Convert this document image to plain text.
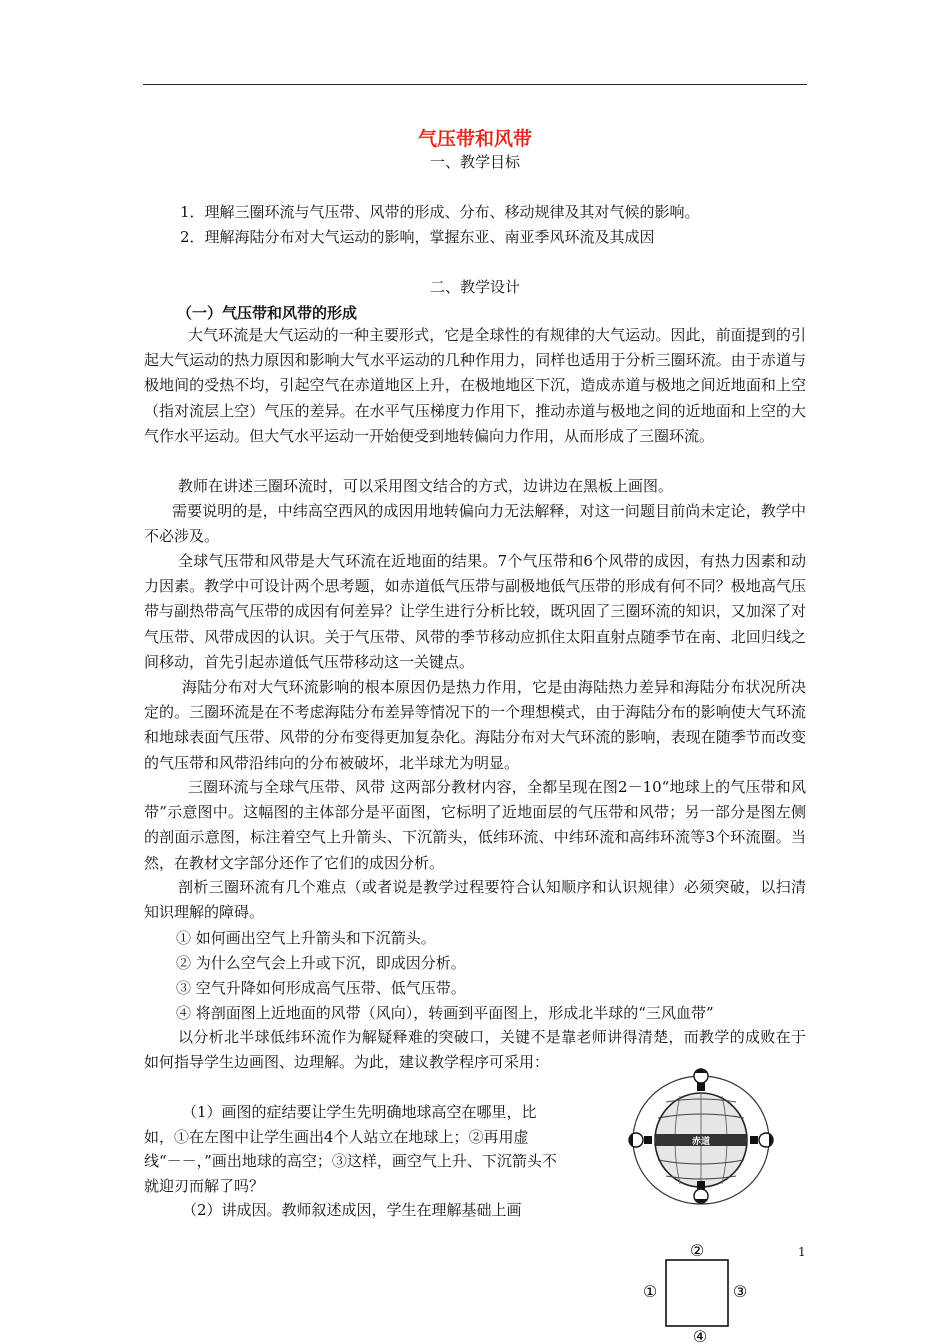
气压带和风带
一、教学目标
1．理解三圈环流与气压带、风带的形成、分布、移动规律及其对气候的影响。
2．理解海陆分布对大气运动的影响，掌握东亚、南亚季风环流及其成因
二、教学设计
（一）气压带和风带的形成
大气环流是大气运动的一种主要形式，它是全球性的有规律的大气运动。因此，前面提到的引起大气运动的热力原因和影响大气水平运动的几种作用力，同样也适用于分析三圈环流。由于赤道与极地间的受热不均，引起空气在赤道地区上升，在极地地区下沉，造成赤道与极地之间近地面和上空（指对流层上空）气压的差异。在水平气压梯度力作用下，推动赤道与极地之间的近地面和上空的大气作水平运动。但大气水平运动一开始便受到地转偏向力作用，从而形成了三圈环流。
教师在讲述三圈环流时，可以采用图文结合的方式，边讲边在黑板上画图。
需要说明的是，中纬高空西风的成因用地转偏向力无法解释，对这一问题目前尚未定论，教学中不必涉及。
全球气压带和风带是大气环流在近地面的结果。7个气压带和6个风带的成因，有热力因素和动力因素。教学中可设计两个思考题，如赤道低气压带与副极地低气压带的形成有何不同？极地高气压带与副热带高气压带的成因有何差异？让学生进行分析比较，既巩固了三圈环流的知识，又加深了对气压带、风带成因的认识。关于气压带、风带的季节移动应抓住太阳直射点随季节在南、北回归线之间移动，首先引起赤道低气压带移动这一关键点。
海陆分布对大气环流影响的根本原因仍是热力作用，它是由海陆热力差异和海陆分布状况所决定的。三圈环流是在不考虑海陆分布差异等情况下的一个理想模式，由于海陆分布的影响使大气环流和地球表面气压带、风带的分布变得更加复杂化。海陆分布对大气环流的影响，表现在随季节而改变的气压带和风带沿纬向的分布被破坏，北半球尤为明显。
三圈环流与全球气压带、风带 这两部分教材内容，全都呈现在图2－10“地球上的气压带和风带”示意图中。这幅图的主体部分是平面图，它标明了近地面层的气压带和风带；另一部分是图左侧的剖面示意图，标注着空气上升箭头、下沉箭头，低纬环流、中纬环流和高纬环流等3个环流圈。当然，在教材文字部分还作了它们的成因分析。
剖析三圈环流有几个难点（或者说是教学过程要符合认知顺序和认识规律）必须突破，以扫清知识理解的障碍。
① 如何画出空气上升箭头和下沉箭头。
② 为什么空气会上升或下沉，即成因分析。
③ 空气升降如何形成高气压带、低气压带。
④ 将剖面图上近地面的风带（风向），转画到平面图上，形成北半球的“三风血带”
以分析北半球低纬环流作为解疑释难的突破口，关键不是靠老师讲得清楚，而教学的成败在于如何指导学生边画图、边理解。为此，建议教学程序可采用：
（1）画图的症结要让学生先明确地球高空在哪里，比如，①在左图中让学生画出4个人站立在地球上；②再用虚线“－－，”画出地球的高空；③这样，画空气上升、下沉箭头不就迎刃而解了吗？
（2）讲成因。教师叙述成因，学生在理解基础上画
赤道
②
①	③
④
1
